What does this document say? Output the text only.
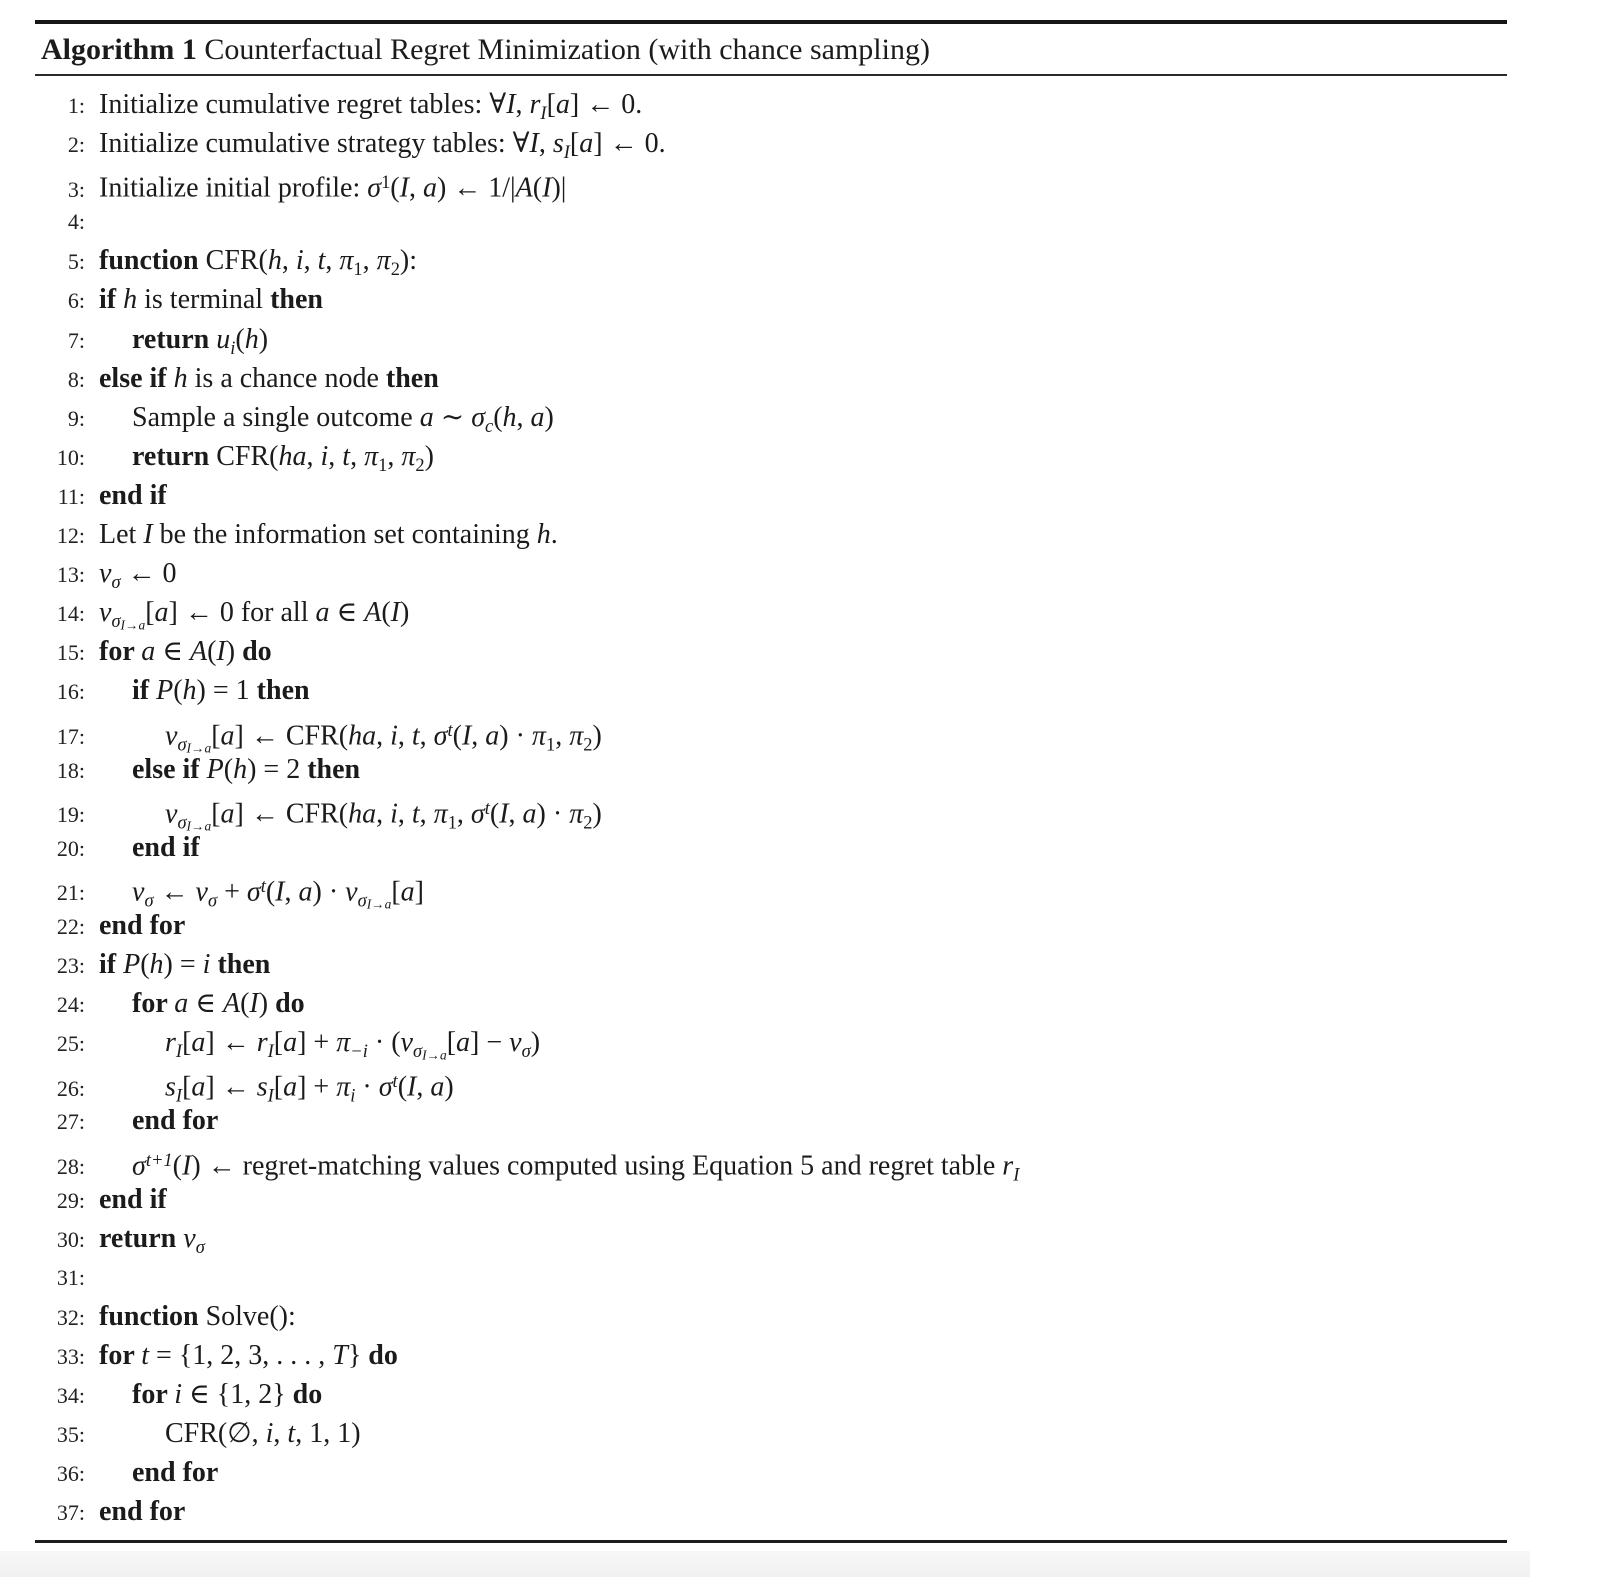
Algorithm 1 Counterfactual Regret Minimization (with chance sampling)
1: Initialize cumulative regret tables: ∀I, $r_I[a]$ ← 0.
2: Initialize cumulative strategy tables: ∀I, $s_I[a]$ ← 0.
3: Initialize initial profile: $\sigma^1(I$, a) ← 1/|A(I)|
4:
5: function CFR(h, i, t, $\pi_1$, $\pi_2$):
6: if h is terminal then
7:	return $u_i(h)$
8: else if h is a chance node then
9:	Sample a single outcome a ∼ $\sigma_c(h$, a)
10:	return CFR(ha, i, t, $\pi_1$, $\pi_2$)
11: end if
12: Let I be the information set containing h.
13: $v_\sigma$ ← 0
14: $v_{\sigma I\to a}[a]$ ← 0 for all a ∈ A(I)
15: for a ∈ A(I) do
16:	if P(h) = 1 then
17:	$v_{\sigma I\to a}[a]$ ← CFR(ha, i, t, $\sigma^t(I$, $a) \cdot \pi_1$, $\pi_2$)
18:	else if P(h) = 2 then
19:	$v_{\sigma I\to a}[a]$ ← CFR(ha, i, t, $\pi_1$, $\sigma^t(I$, $a) \cdot \pi_2$)
20:	end if
21:	$v_\sigma$ ← $v_\sigma + \sigma^t(I$, $a) \cdot v_{\sigma I\to a}[a]$
22: end for
23: if P(h) = i then
24:	for a ∈ A(I) do
25:	$r_I[a]$ ← $r_I[a] + \pi_{-i} \cdot (v_{\sigma I\to a}[a] - v_\sigma)$
26:	$s_I[a]$ ← $s_I[a] + \pi_i \cdot \sigma^t(I$, a)
27:	end for
28:	$\sigma^{t+1}(I)$ ← regret-matching values computed using Equation 5 and regret table $r_I$
29: end if
30: return $v_\sigma$
31:
32: function Solve():
33: for t = {1, 2, 3, . . . , T} do
34:	for i ∈ {1, 2} do
35:	CFR(∅, i, t, 1, 1)
36:	end for
37: end for
